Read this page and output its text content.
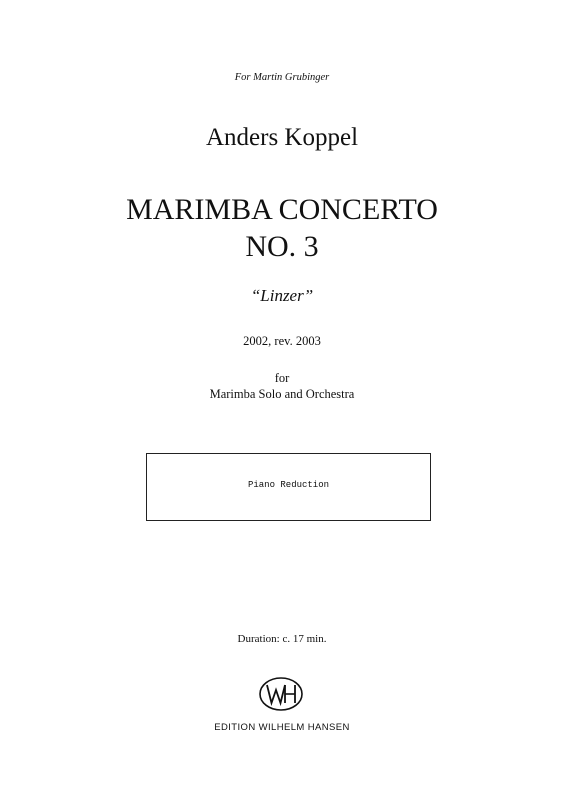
For Martin Grubinger
Anders Koppel
MARIMBA CONCERTO
NO. 3
“Linzer”
2002, rev. 2003
for
Marimba Solo and Orchestra
Piano Reduction
Duration: c. 17 min.
EDITION WILHELM HANSEN
